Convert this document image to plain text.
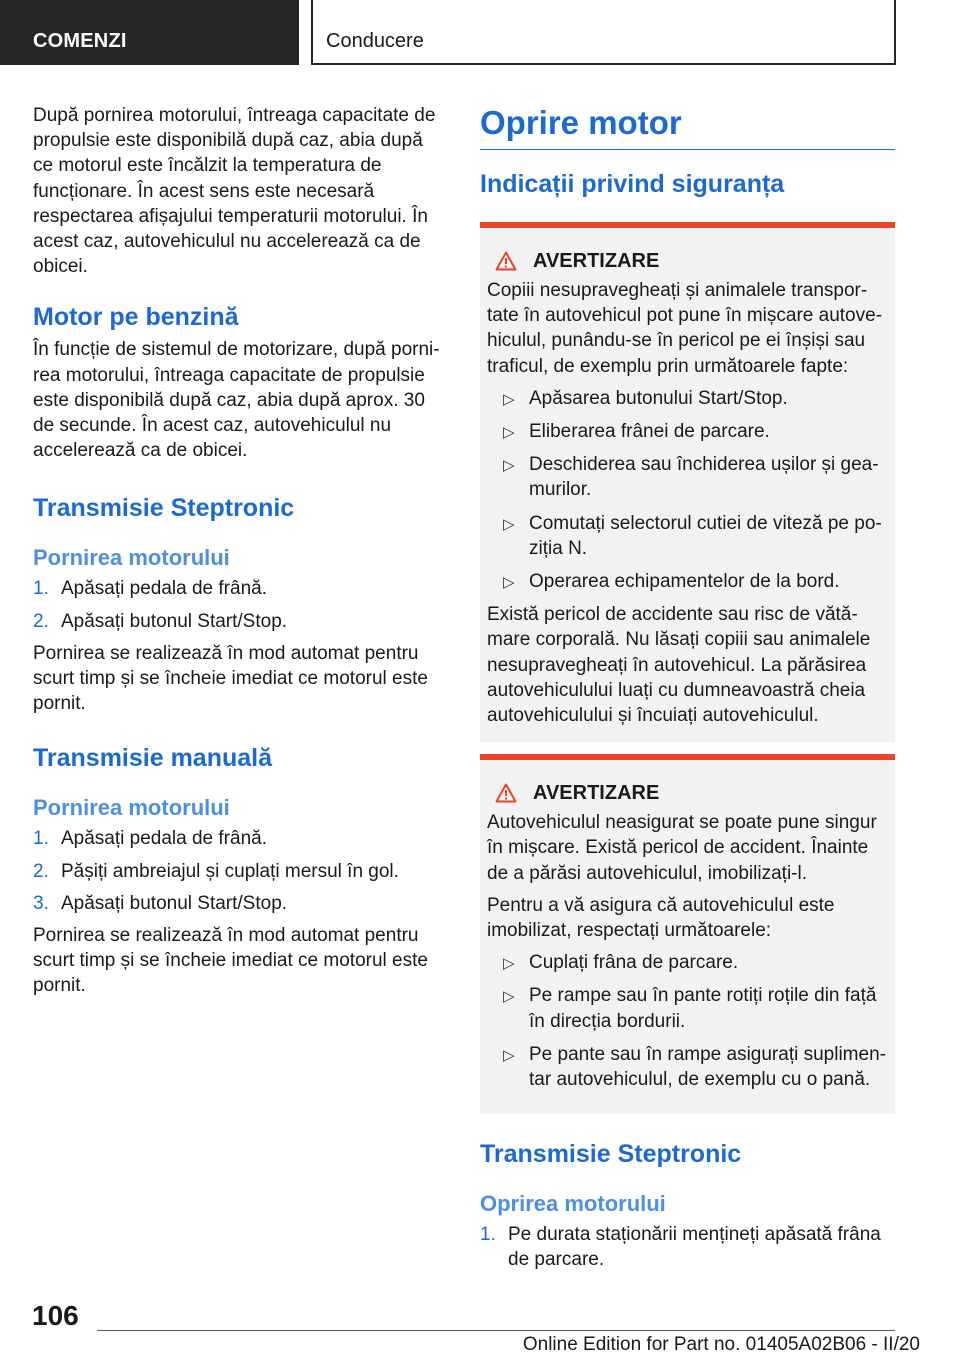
COMENZI	Conducere

După pornirea motorului, întreaga capacitate de propulsie este disponibilă după caz, abia după ce motorul este încălzit la temperatura de funcționare. În acest sens este necesară respectarea afișajului temperaturii motorului. În acest caz, autovehiculul nu accelerează ca de obicei.

Motor pe benzină

În funcție de sistemul de motorizare, după pornirea motorului, întreaga capacitate de propulsie este disponibilă după caz, abia după aprox. 30 de secunde. În acest caz, autovehiculul nu accelerează ca de obicei.

Transmisie Steptronic
Pornirea motorului
1. Apăsați pedala de frână.
2. Apăsați butonul Start/Stop.

Pornirea se realizează în mod automat pentru scurt timp și se încheie imediat ce motorul este pornit.

Transmisie manuală
Pornirea motorului
1. Apăsați pedala de frână.
2. Pășiți ambreiajul și cuplați mersul în gol.
3. Apăsați butonul Start/Stop.

Pornirea se realizează în mod automat pentru scurt timp și se încheie imediat ce motorul este pornit.

Oprire motor
Indicații privind siguranța
AVERTIZARE

Copiii nesupravegheați și animalele transportate în autovehicul pot pune în mișcare autovehiculul, punându-se în pericol pe ei înșiși sau traficul, de exemplu prin următoarele fapte:

▷ Apăsarea butonului Start/Stop.
▷ Eliberarea frânei de parcare.
▷ Deschiderea sau închiderea ușilor și geamurilor.
▷ Comutați selectorul cutiei de viteză pe poziția N.
▷ Operarea echipamentelor de la bord.

Există pericol de accidente sau risc de vătămare corporală. Nu lăsați copiii sau animalele nesupravegheați în autovehicul. La părăsirea autovehiculului luați cu dumneavoastră cheia autovehiculului și încuiați autovehiculul.

AVERTIZARE

Autovehiculul neasigurat se poate pune singur în mișcare. Există pericol de accident. Înainte de a părăsi autovehiculul, imobilizați-l.

Pentru a vă asigura că autovehiculul este imobilizat, respectați următoarele:

▷ Cuplați frâna de parcare.
▷ Pe rampe sau în pante rotiți roțile din față în direcția bordurii.
▷ Pe pante sau în rampe asigurați suplimentar autovehiculul, de exemplu cu o pană.
Transmisie Steptronic
Oprirea motorului
1. Pe durata staționării mențineți apăsată frâna de parcare.
106
Online Edition for Part no. 01405A02B06 - II/20
